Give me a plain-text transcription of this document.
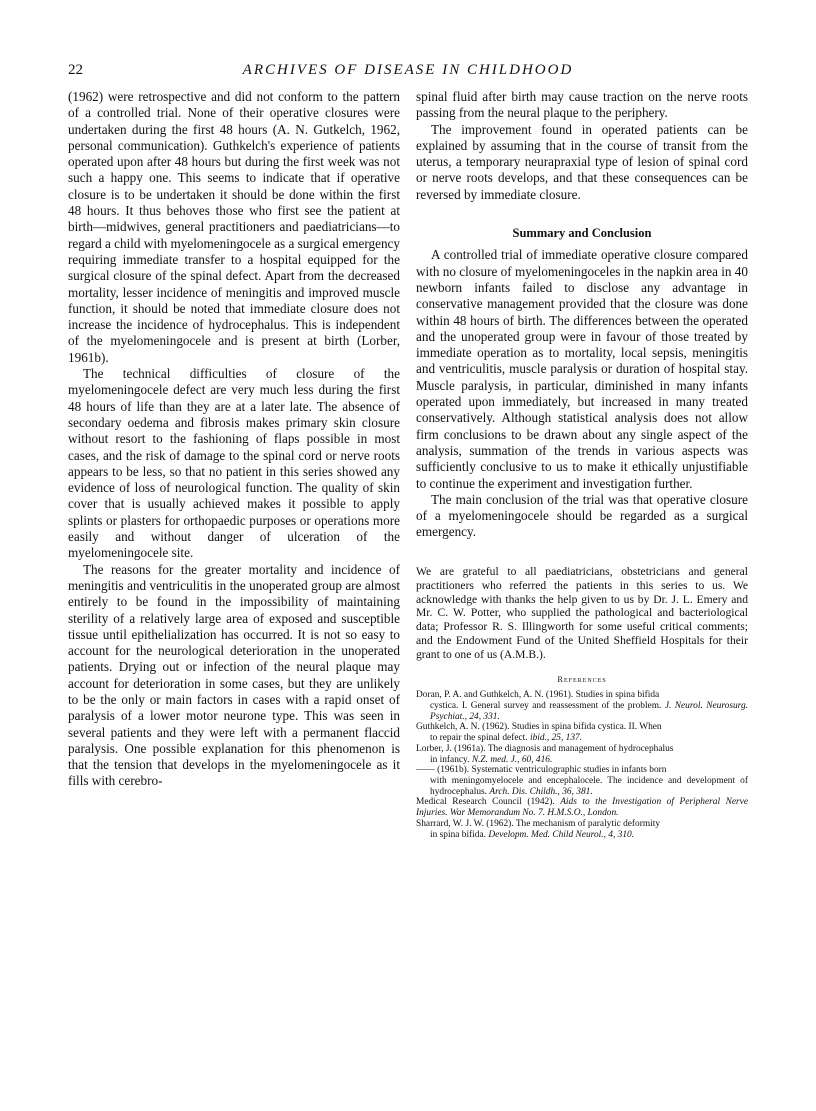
22	ARCHIVES OF DISEASE IN CHILDHOOD

(1962) were retrospective and did not conform to the pattern of a controlled trial. None of their operative closures were undertaken during the first 48 hours (A. N. Gutkelch, 1962, personal communication). Guthkelch's experience of patients operated upon after 48 hours but during the first week was not such a happy one. This seems to indicate that if operative closure is to be undertaken it should be done within the first 48 hours. It thus behoves those who first see the patient at birth—midwives, general practitioners and paediatricians—to regard a child with myelomeningocele as a surgical emergency requiring immediate transfer to a hospital equipped for the surgical closure of the spinal defect. Apart from the decreased mortality, lesser incidence of meningitis and improved muscle function, it should be noted that immediate closure does not increase the incidence of hydrocephalus. This is independent of the myelomeningocele and is present at birth (Lorber, 1961b).

The technical difficulties of closure of the myelomeningocele defect are very much less during the first 48 hours of life than they are at a later late. The absence of secondary oedema and fibrosis makes primary skin closure without resort to the fashioning of flaps possible in most cases, and the risk of damage to the spinal cord or nerve roots appears to be less, so that no patient in this series showed any evidence of loss of neurological function. The quality of skin cover that is usually achieved makes it possible to apply splints or plasters for orthopaedic purposes or operations more easily and without danger of ulceration of the myelomeningocele site.

The reasons for the greater mortality and incidence of meningitis and ventriculitis in the unoperated group are almost entirely to be found in the impossibility of maintaining sterility of a relatively large area of exposed and susceptible tissue until epithelialization has occurred. It is not so easy to account for the neurological deterioration in the unoperated patients. Drying out or infection of the neural plaque may account for deterioration in some cases, but they are unlikely to be the only or main factors in cases with a rapid onset of paralysis of a lower motor neurone type. This was seen in several patients and they were left with a permanent flaccid paralysis. One possible explanation for this phenomenon is that the tension that develops in the myelomeningocele as it fills with cerebro-

spinal fluid after birth may cause traction on the nerve roots passing from the neural plaque to the periphery.

The improvement found in operated patients can be explained by assuming that in the course of transit from the uterus, a temporary neurapraxial type of lesion of spinal cord or nerve roots develops, and that these consequences can be reversed by immediate closure.

Summary and Conclusion

A controlled trial of immediate operative closure compared with no closure of myelomeningoceles in the napkin area in 40 newborn infants failed to disclose any advantage in conservative management provided that the closure was done within 48 hours of birth. The differences between the operated and the unoperated group were in favour of those treated by immediate operation as to mortality, local sepsis, meningitis and ventriculitis, muscle paralysis or duration of hospital stay. Muscle paralysis, in particular, diminished in many infants operated upon immediately, but increased in many treated conservatively. Although statistical analysis does not allow firm conclusions to be drawn about any single aspect of the analysis, summation of the trends in various aspects was sufficiently conclusive to us to make it ethically unjustifiable to continue the experiment and investigation further.

The main conclusion of the trial was that operative closure of a myelomeningocele should be regarded as a surgical emergency.

We are grateful to all paediatricians, obstetricians and general practitioners who referred the patients in this series to us. We acknowledge with thanks the help given to us by Dr. J. L. Emery and Mr. C. W. Potter, who supplied the pathological and bacteriological data; Professor R. S. Illingworth for some useful critical comments; and the Endowment Fund of the United Sheffield Hospitals for their grant to one of us (A.M.B.).

References
Doran, P. A. and Guthkelch, A. N. (1961). Studies in spina bifida
cystica. I. General survey and reassessment of the problem. J. Neurol. Neurosurg. Psychiat., 24, 331.
Guthkelch, A. N. (1962). Studies in spina bifida cystica. II. When
to repair the spinal defect. ibid., 25, 137.
Lorber, J. (1961a). The diagnosis and management of hydrocephalus
in infancy. N.Z. med. J., 60, 416.
—— (1961b). Systematic ventriculographic studies in infants born
with meningomyelocele and encephalocele. The incidence and development of hydrocephalus. Arch. Dis. Childh., 36, 381.
Medical Research Council (1942). Aids to the Investigation of Peripheral Nerve Injuries. War Memorandum No. 7. H.M.S.O., London.
Sharrard, W. J. W. (1962). The mechanism of paralytic deformity
in spina bifida. Developm. Med. Child Neurol., 4, 310.
